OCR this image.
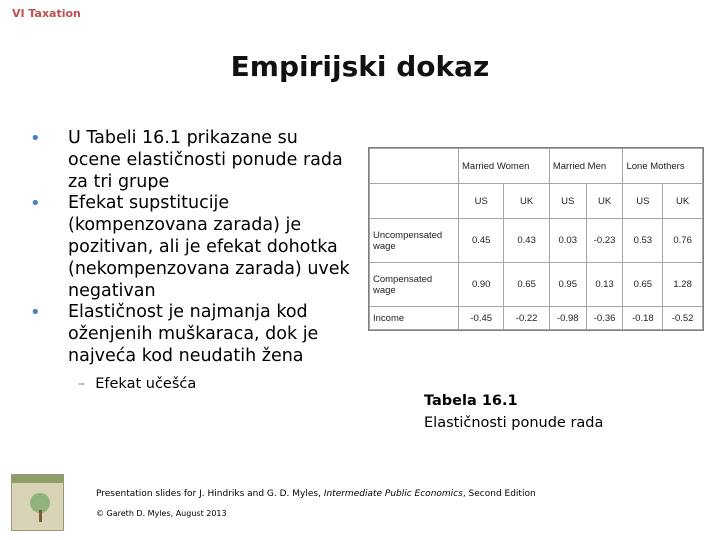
VI Taxation
Empirijski dokaz
• U Tabeli 16.1 prikazane su ocene elastičnosti ponude rada za tri grupe
• Efekat supstitucije (kompenzovana zarada) je pozitivan, ali je efekat dohotka (nekompenzovana zarada) uvek negativan
• Elastičnost je najmanja kod oženjenih muškaraca, dok je najveća kod neudatih žena
– Efekat učešća
	Married Women		Married Men		Lone Mothers	
	US	UK	US	UK	US	UK
Uncompensated wage	0.45	0.43	0.03	-0.23	0.53	0.76
Compensated wage	0.90	0.65	0.95	0.13	0.65	1.28
Income	-0.45	-0.22	-0.98	-0.36	-0.18	-0.52
Tabela 16.1
Elastičnosti ponude rada
Presentation slides for J. Hindriks and G. D. Myles, Intermediate Public Economics, Second Edition
© Gareth D. Myles, August 2013
